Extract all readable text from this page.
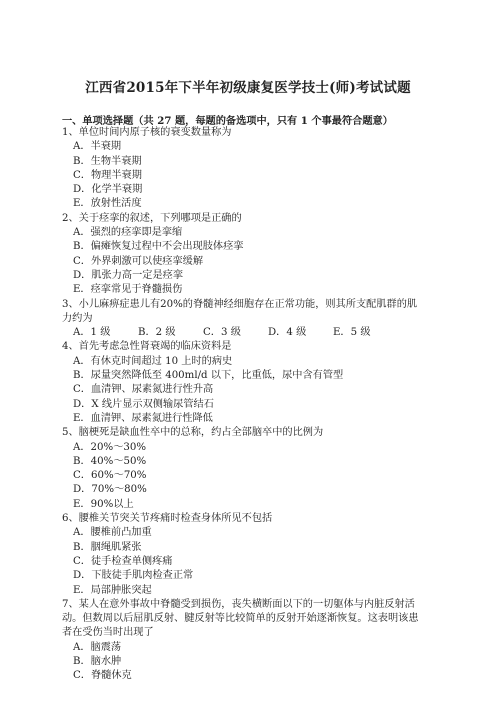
江西省2015年下半年初级康复医学技士(师)考试试题
一、单项选择题（共 27 题，每题的备选项中，只有 1 个事最符合题意）
1、单位时间内原子核的衰变数量称为
A．半衰期
B．生物半衰期
C．物理半衰期
D．化学半衰期
E．放射性活度
2、关于痉挛的叙述，下列哪项是正确的
A．强烈的痉挛即是挛缩
B．偏瘫恢复过程中不会出现肢体痉挛
C．外界刺激可以使痉挛缓解
D．肌张力高一定是痉挛
E．痉挛常见于脊髓损伤
3、小儿麻痹症患儿有20%的脊髓神经细胞存在正常功能，则其所支配肌群的肌
力约为
A．1 级	B．2 级	C．3 级	D．4 级	E．5 级
4、首先考虑急性肾衰竭的临床资料是
A．有休克时间超过 10 上时的病史
B．尿量突然降低至 400ml/d 以下，比重低，尿中含有管型
C．血清钾、尿素氮进行性升高
D．X 线片显示双侧输尿管结石
E．血清钾、尿素氮进行性降低
5、脑梗死是缺血性卒中的总称，约占全部脑卒中的比例为
A．20%～30%
B．40%～50%
C．60%～70%
D．70%～80%
E．90%以上
6、腰椎关节突关节疼痛时检查身体所见不包括
A．腰椎前凸加重
B．胭绳肌紧张
C．徒手检查单侧疼痛
D．下肢徒手肌肉检查正常
E．局部肿胀突起
7、某人在意外事故中脊髓受到损伤，丧失横断面以下的一切躯体与内脏反射活
动。但数周以后屈肌反射、腱反射等比较简单的反射开始逐渐恢复。这表明该患
者在受伤当时出现了
A．脑震荡
B．脑水肿
C．脊髓休克
